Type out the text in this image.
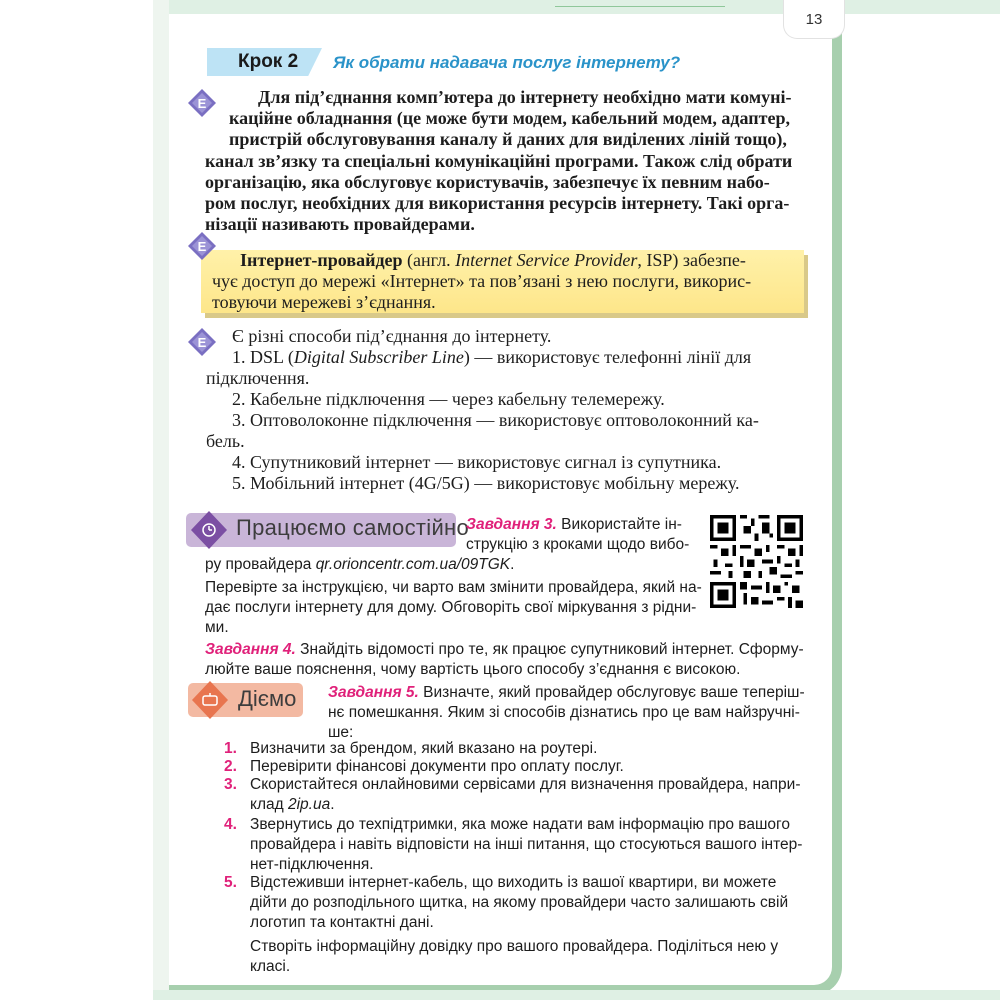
13
Крок 2 Як обрати надавача послуг інтернету?
E	Для під’єднання комп’ютера до інтернету необхідно мати комуні-
каційне обладнання (це може бути модем, кабельний модем, адаптер,
пристрій обслуговування каналу й даних для виділених ліній тощо),
канал зв’язку та спеціальні комунікаційні програми. Також слід обрати
організацію, яка обслуговує користувачів, забезпечує їх певним набо-
ром послуг, необхідних для використання ресурсів інтернету. Такі орга-
нізації називають провайдерами.
E
Інтернет-провайдер (англ. Internet Service Provider, ISP) забезпе-
чує доступ до мережі «Інтернет» та пов’язані з нею послуги, викорис-
товуючи мережеві з’єднання.
E Є різні способи під’єднання до інтернету.
1. DSL (Digital Subscriber Line) — використовує телефонні лінії для
підключення.
2. Кабельне підключення — через кабельну телемережу.
3. Оптоволоконне підключення — використовує оптоволоконний ка-
бель.
4. Супутниковий інтернет — використовує сигнал із супутника.
5. Мобільний інтернет (4G/5G) — використовує мобільну мережу.
Працюємо самостійно
Завдання 3. Використайте ін-
струкцію з кроками щодо вибо-
ру провайдера qr.orioncentr.com.ua/09TGK.
Перевірте за інструкцією, чи варто вам змінити провайдера, який на-
дає послуги інтернету для дому. Обговоріть свої міркування з рідни-
ми.
Завдання 4. Знайдіть відомості про те, як працює супутниковий інтернет. Сформу-
люйте ваше пояснення, чому вартість цього способу з’єднання є високою.
Діємо Завдання 5. Визначте, який провайдер обслуговує ваше теперіш-
нє помешкання. Яким зі способів дізнатись про це вам найзручні-
ше:
1. Визначити за брендом, який вказано на роутері.
2. Перевірити фінансові документи про оплату послуг.
3. Скористайтеся онлайновими сервісами для визначення провайдера, напри-
клад 2ip.ua.
4. Звернутись до техпідтримки, яка може надати вам інформацію про вашого
провайдера і навіть відповісти на інші питання, що стосуються вашого інтер-
нет-підключення.
5. Відстеживши інтернет-кабель, що виходить із вашої квартири, ви можете
дійти до розподільного щитка, на якому провайдери часто залишають свій
логотип та контактні дані.
Створіть інформаційну довідку про вашого провайдера. Поділіться нею у
класі.
